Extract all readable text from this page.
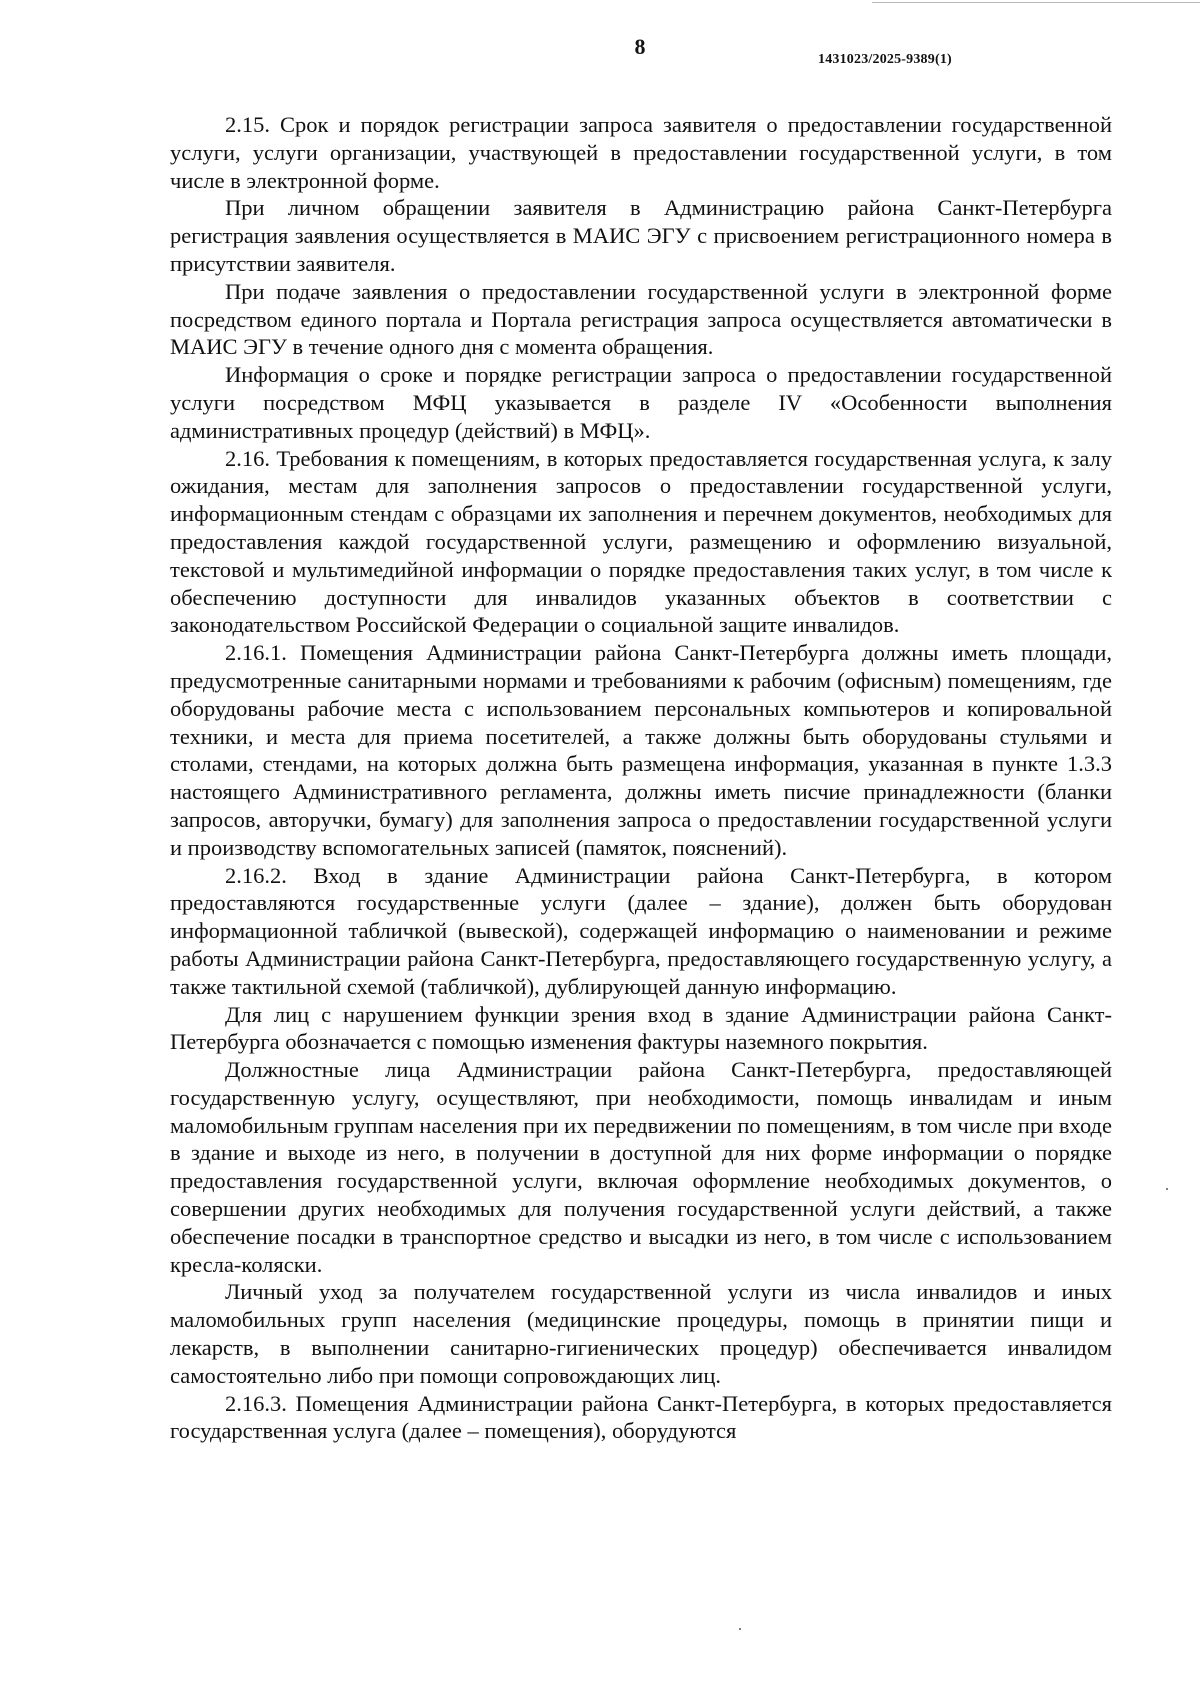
8
1431023/2025-9389(1)

2.15. Срок и порядок регистрации запроса заявителя о предоставлении государственной услуги, услуги организации, участвующей в предоставлении государственной услуги, в том числе в электронной форме.

При личном обращении заявителя в Администрацию района Санкт-Петербурга регистрация заявления осуществляется в МАИС ЭГУ с присвоением регистрационного номера в присутствии заявителя.

При подаче заявления о предоставлении государственной услуги в электронной форме посредством единого портала и Портала регистрация запроса осуществляется автоматически в МАИС ЭГУ в течение одного дня с момента обращения.

Информация о сроке и порядке регистрации запроса о предоставлении государственной услуги посредством МФЦ указывается в разделе IV «Особенности выполнения административных процедур (действий) в МФЦ».

2.16. Требования к помещениям, в которых предоставляется государственная услуга, к залу ожидания, местам для заполнения запросов о предоставлении государственной услуги, информационным стендам с образцами их заполнения и перечнем документов, необходимых для предоставления каждой государственной услуги, размещению и оформлению визуальной, текстовой и мультимедийной информации о порядке предоставления таких услуг, в том числе к обеспечению доступности для инвалидов указанных объектов в соответствии с законодательством Российской Федерации о социальной защите инвалидов.

2.16.1. Помещения Администрации района Санкт-Петербурга должны иметь площади, предусмотренные санитарными нормами и требованиями к рабочим (офисным) помещениям, где оборудованы рабочие места с использованием персональных компьютеров и копировальной техники, и места для приема посетителей, а также должны быть оборудованы стульями и столами, стендами, на которых должна быть размещена информация, указанная в пункте 1.3.3 настоящего Административного регламента, должны иметь писчие принадлежности (бланки запросов, авторучки, бумагу) для заполнения запроса о предоставлении государственной услуги и производству вспомогательных записей (памяток, пояснений).

2.16.2. Вход в здание Администрации района Санкт-Петербурга, в котором предоставляются государственные услуги (далее – здание), должен быть оборудован информационной табличкой (вывеской), содержащей информацию о наименовании и режиме работы Администрации района Санкт-Петербурга, предоставляющего государственную услугу, а также тактильной схемой (табличкой), дублирующей данную информацию.

Для лиц с нарушением функции зрения вход в здание Администрации района Санкт-Петербурга обозначается с помощью изменения фактуры наземного покрытия.

Должностные лица Администрации района Санкт-Петербурга, предоставляющей государственную услугу, осуществляют, при необходимости, помощь инвалидам и иным маломобильным группам населения при их передвижении по помещениям, в том числе при входе в здание и выходе из него, в получении в доступной для них форме информации о порядке предоставления государственной услуги, включая оформление необходимых документов, о совершении других необходимых для получения государственной услуги действий, а также обеспечение посадки в транспортное средство и высадки из него, в том числе с использованием кресла-коляски.

Личный уход за получателем государственной услуги из числа инвалидов и иных маломобильных групп населения (медицинские процедуры, помощь в принятии пищи и лекарств, в выполнении санитарно-гигиенических процедур) обеспечивается инвалидом самостоятельно либо при помощи сопровождающих лиц.

2.16.3. Помещения Администрации района Санкт-Петербурга, в которых предоставляется государственная услуга (далее – помещения), оборудуются
